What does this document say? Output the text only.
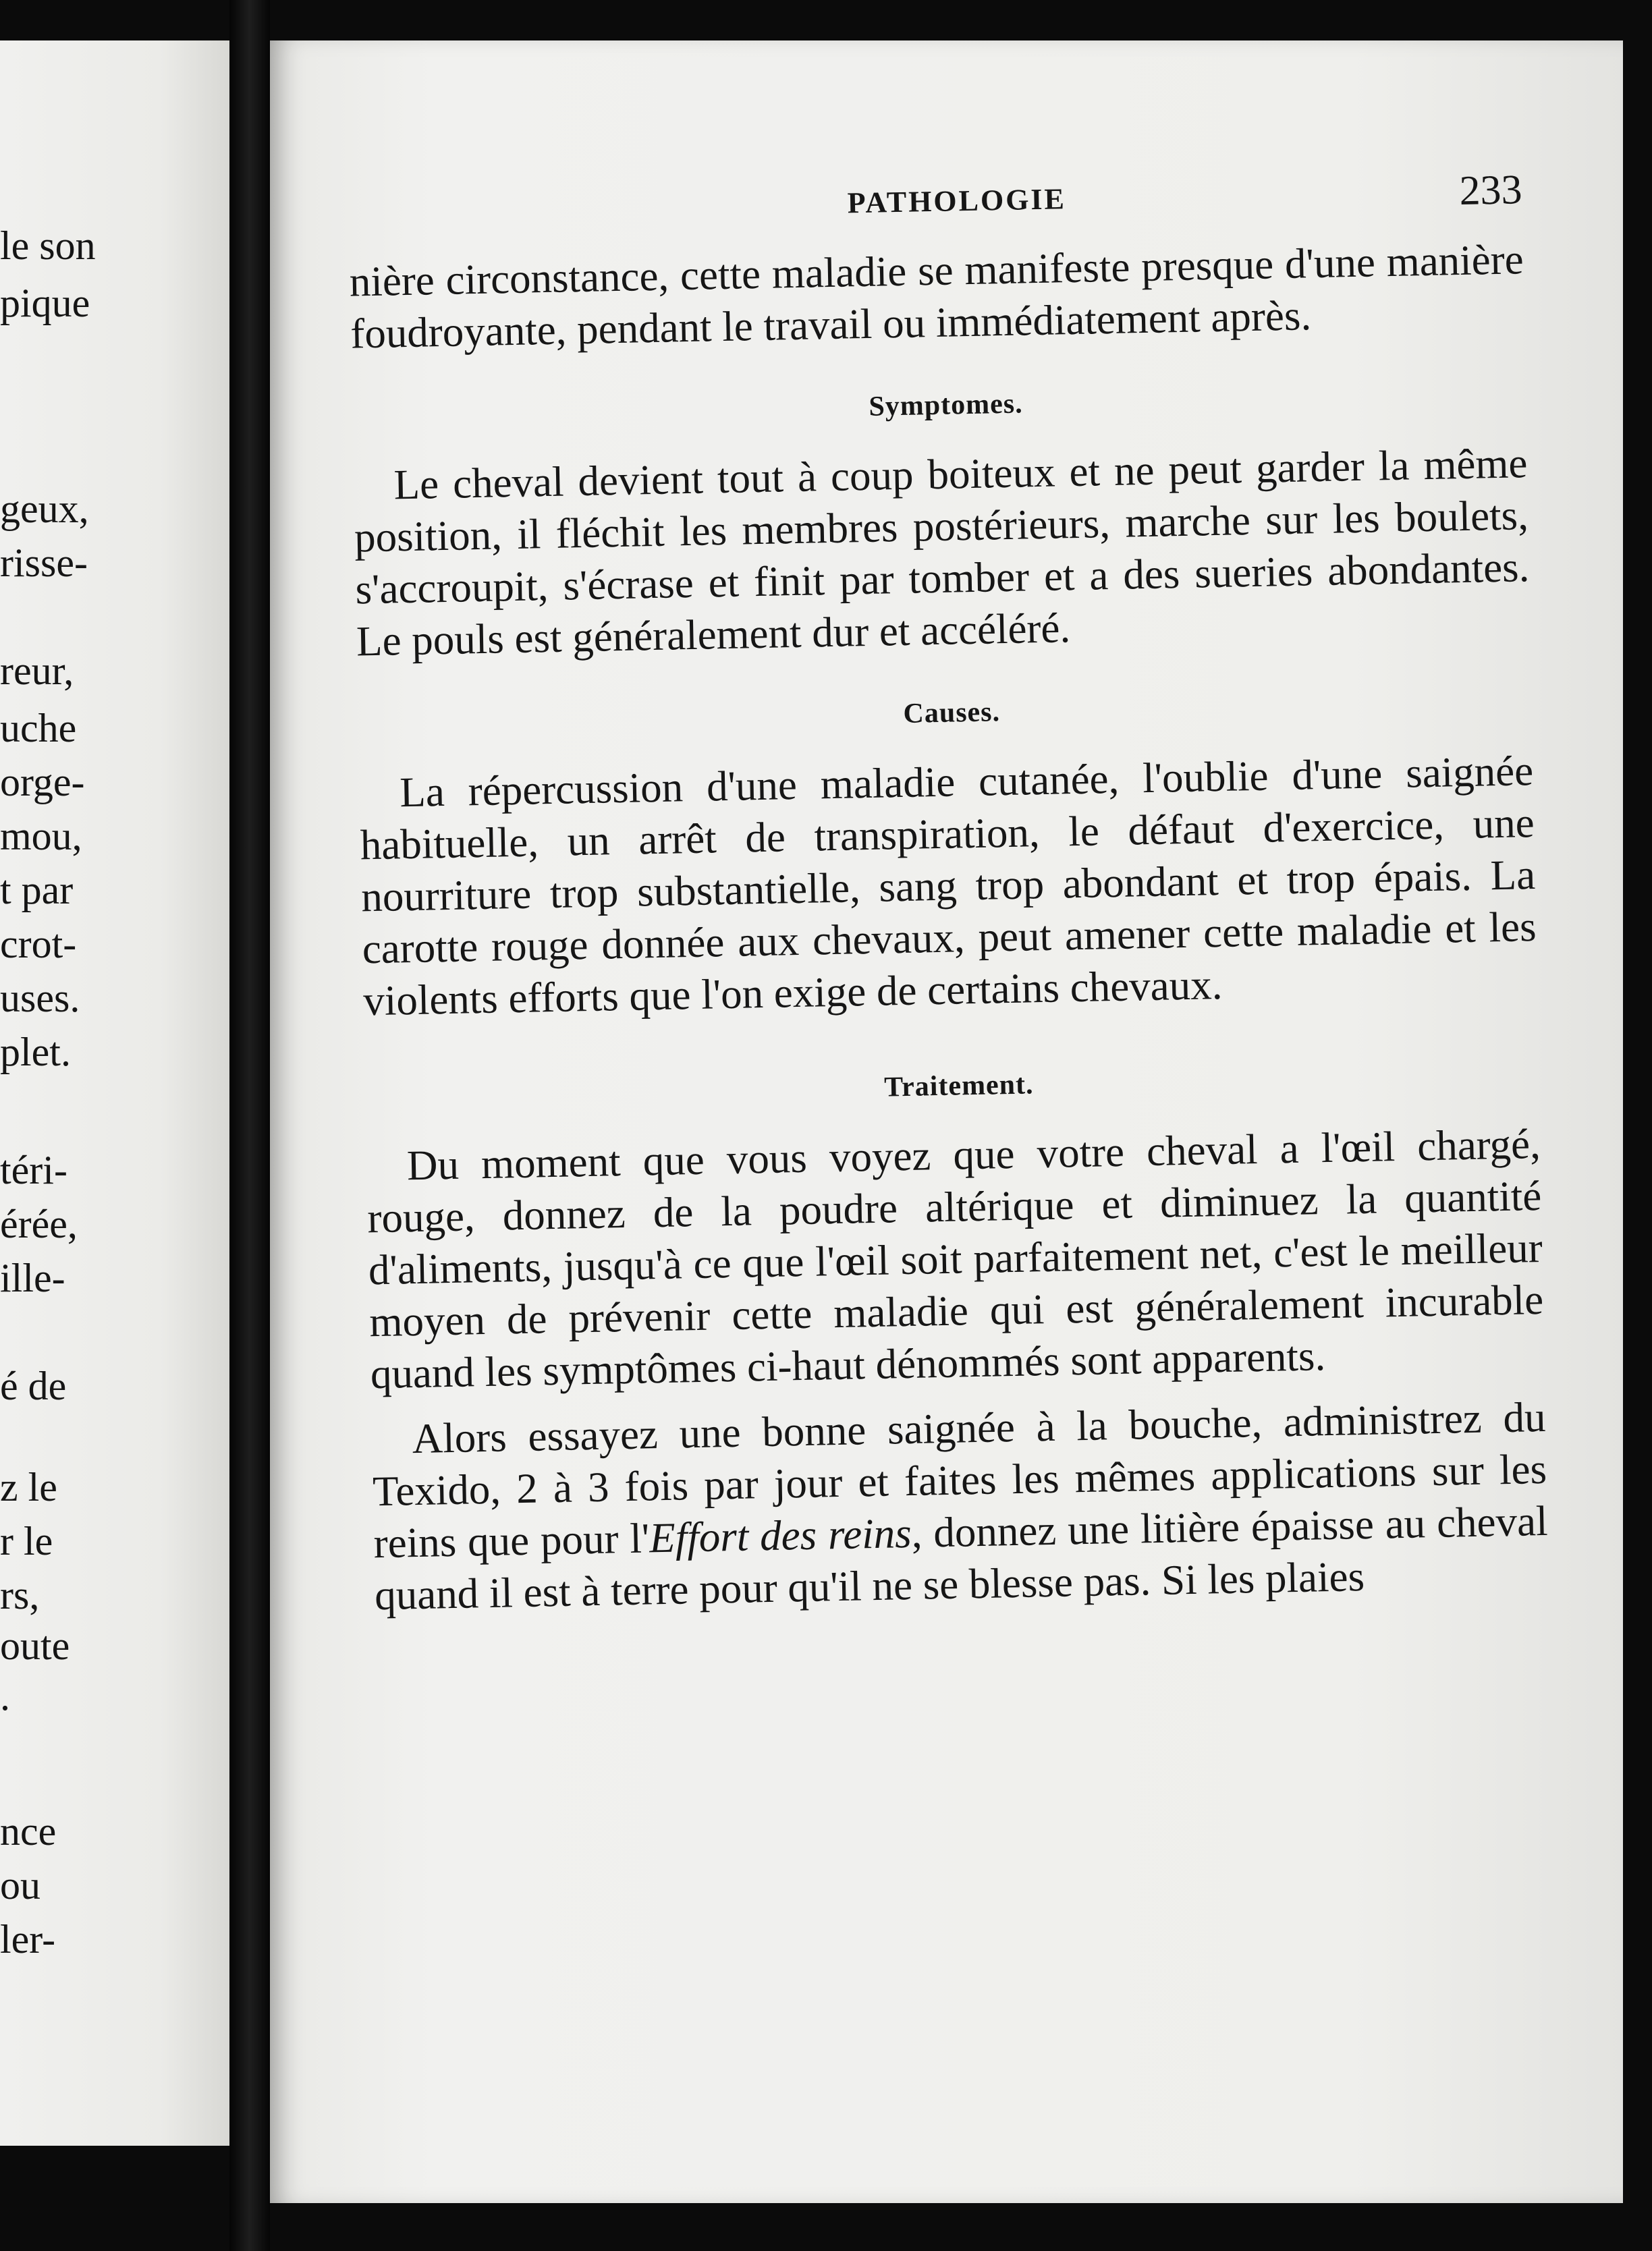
le son
pique
geux,
risse-
reur,
uche
orge-
mou,
t par
crot-
uses.
plet.
téri-
érée,
ille-
é de
z le
r le
rs,
oute
.
nce
ou
ler-
PATHOLOGIE	233

nière circonstance, cette maladie se manifeste presque d'une manière foudroyante, pendant le travail ou immédiatement après.

Symptomes.

Le cheval devient tout à coup boiteux et ne peut garder la même position, il fléchit les membres postérieurs, marche sur les boulets, s'accroupit, s'écrase et finit par tomber et a des sueries abondantes. Le pouls est généralement dur et accéléré.

Causes.

La répercussion d'une maladie cutanée, l'oublie d'une saignée habituelle, un arrêt de transpiration, le défaut d'exercice, une nourriture trop substantielle, sang trop abondant et trop épais. La carotte rouge donnée aux chevaux, peut amener cette maladie et les violents efforts que l'on exige de certains chevaux.

Traitement.

Du moment que vous voyez que votre cheval a l'œil chargé, rouge, donnez de la poudre altérique et diminuez la quantité d'aliments, jusqu'à ce que l'œil soit parfaitement net, c'est le meilleur moyen de prévenir cette maladie qui est généralement incurable quand les symptômes ci-haut dénommés sont apparents.

Alors essayez une bonne saignée à la bouche, administrez du Texido, 2 à 3 fois par jour et faites les mêmes applications sur les reins que pour l'Effort des reins, donnez une litière épaisse au cheval quand il est à terre pour qu'il ne se blesse pas. Si les plaies
